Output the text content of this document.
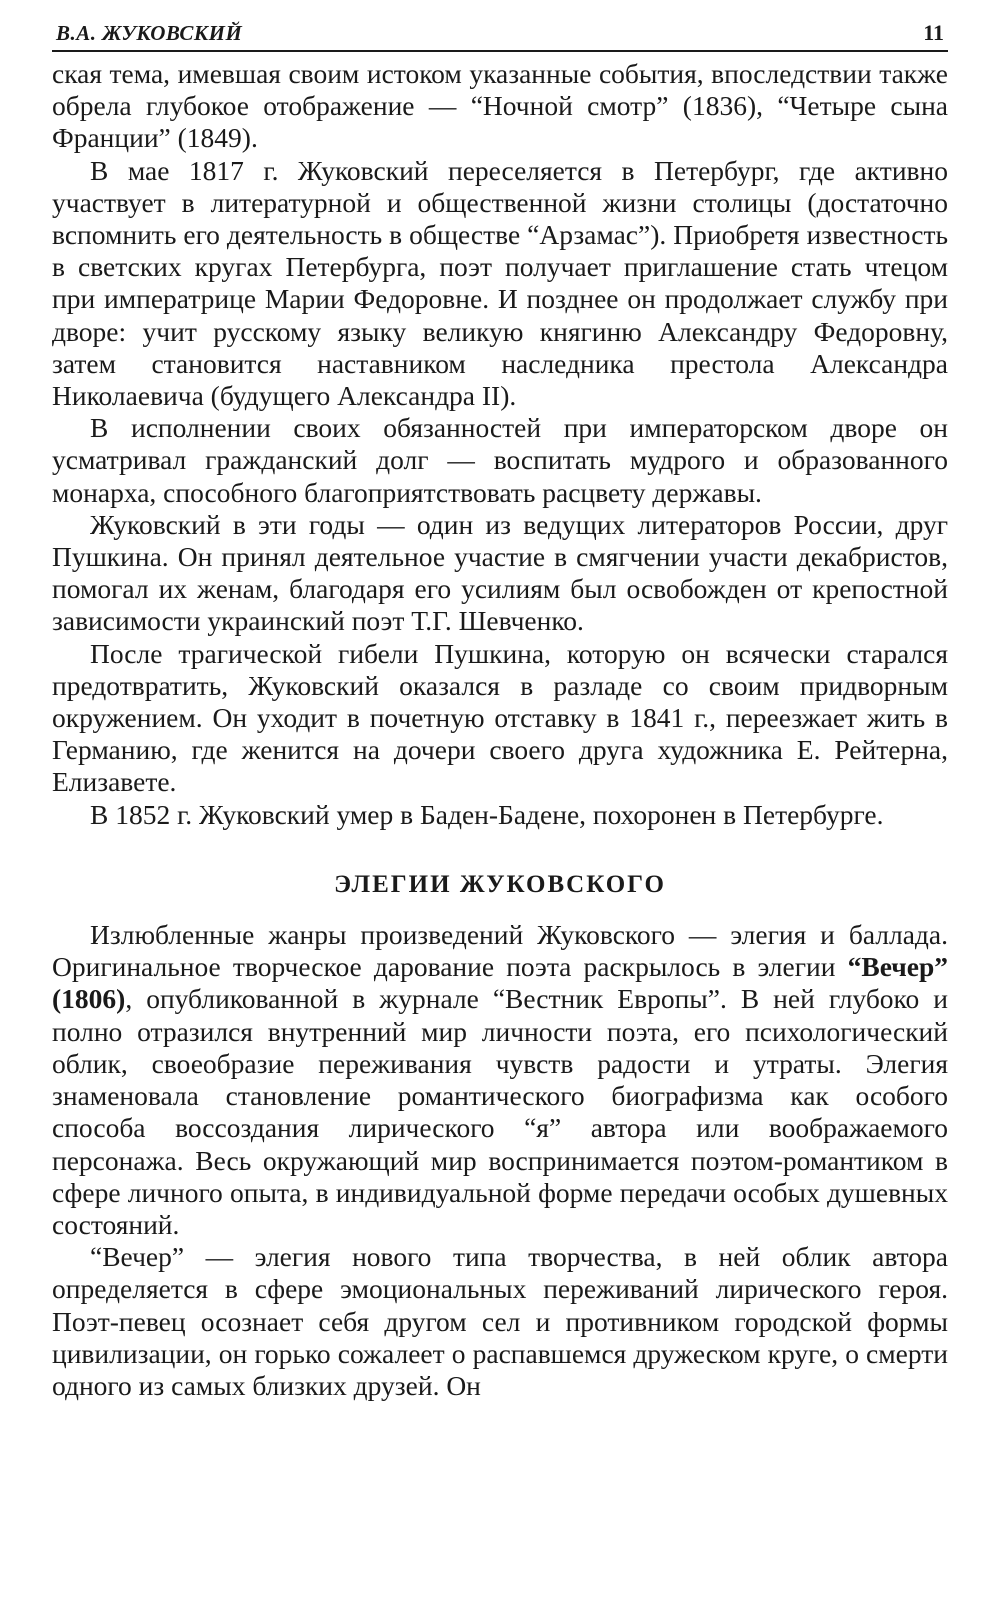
В.А. ЖУКОВСКИЙ	11

ская тема, имевшая своим истоком указанные события, впоследствии также обрела глубокое отображение — “Ночной смотр” (1836), “Четыре сына Франции” (1849).

В мае 1817 г. Жуковский переселяется в Петербург, где активно участвует в литературной и общественной жизни столицы (достаточно вспомнить его деятельность в обществе “Арзамас”). Приобретя известность в светских кругах Петербурга, поэт получает приглашение стать чтецом при императрице Марии Федоровне. И позднее он продолжает службу при дворе: учит русскому языку великую княгиню Александру Федоровну, затем становится наставником наследника престола Александра Николаевича (будущего Александра II).

В исполнении своих обязанностей при императорском дворе он усматривал гражданский долг — воспитать мудрого и образованного монарха, способного благоприятствовать расцвету державы.

Жуковский в эти годы — один из ведущих литераторов России, друг Пушкина. Он принял деятельное участие в смягчении участи декабристов, помогал их женам, благодаря его усилиям был освобожден от крепостной зависимости украинский поэт Т.Г. Шевченко.

После трагической гибели Пушкина, которую он всячески старался предотвратить, Жуковский оказался в разладе со своим придворным окружением. Он уходит в почетную отставку в 1841 г., переезжает жить в Германию, где женится на дочери своего друга художника Е. Рейтерна, Елизавете.

В 1852 г. Жуковский умер в Баден-Бадене, похоронен в Петербурге.

ЭЛЕГИИ ЖУКОВСКОГО

Излюбленные жанры произведений Жуковского — элегия и баллада. Оригинальное творческое дарование поэта раскрылось в элегии “Вечер” (1806), опубликованной в журнале “Вестник Европы”. В ней глубоко и полно отразился внутренний мир личности поэта, его психологический облик, своеобразие переживания чувств радости и утраты. Элегия знаменовала становление романтического биографизма как особого способа воссоздания лирического “я” автора или воображаемого персонажа. Весь окружающий мир воспринимается поэтом-романтиком в сфере личного опыта, в индивидуальной форме передачи особых душевных состояний.

“Вечер” — элегия нового типа творчества, в ней облик автора определяется в сфере эмоциональных переживаний лирического героя. Поэт-певец осознает себя другом сел и противником городской формы цивилизации, он горько сожалеет о распавшемся дружеском круге, о смерти одного из самых близких друзей. Он
